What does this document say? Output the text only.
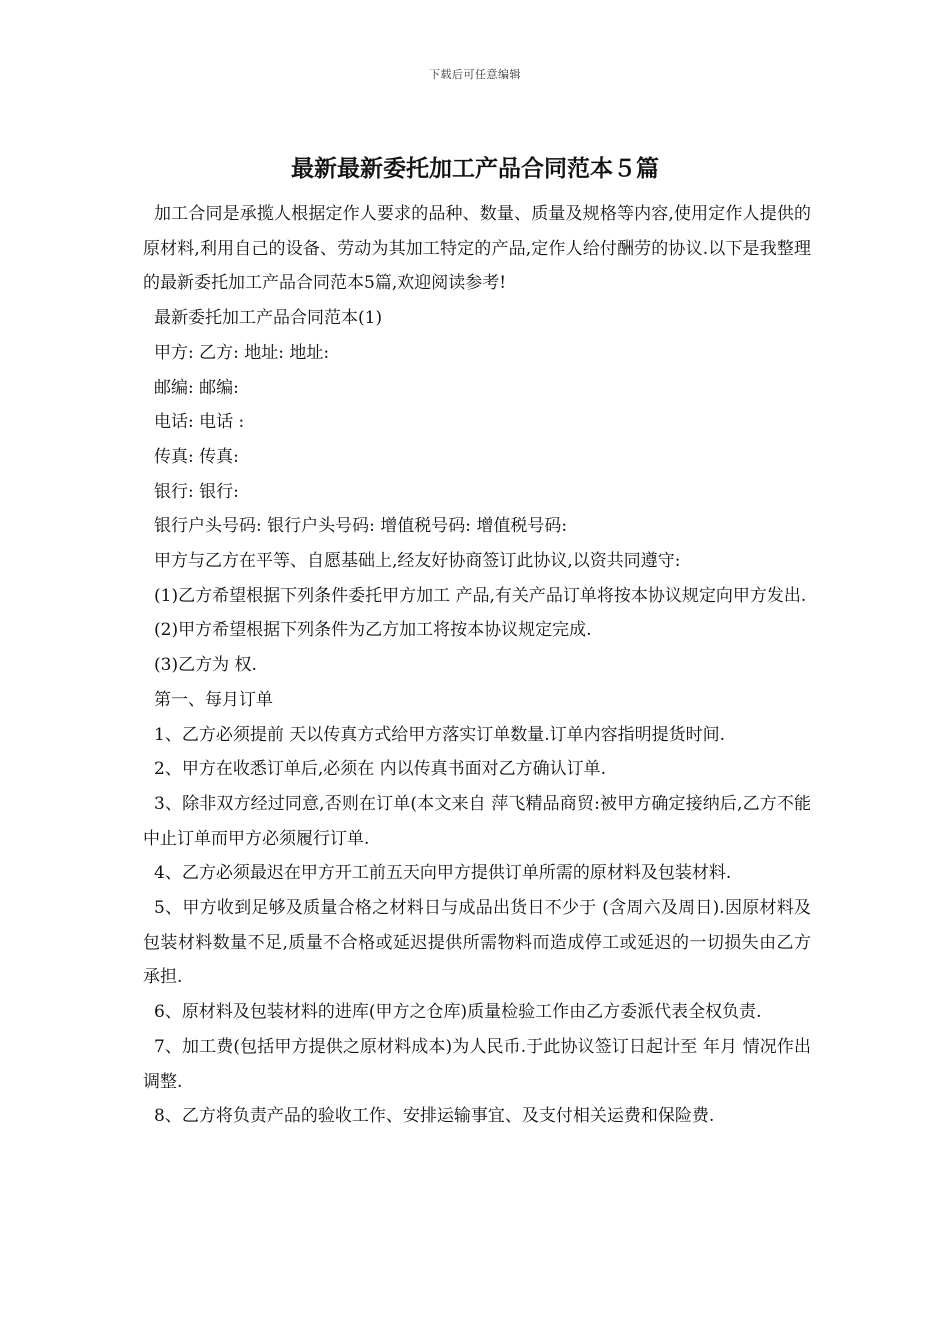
下载后可任意编辑
最新最新委托加工产品合同范本５篇

加工合同是承揽人根据定作人要求的品种、数量、质量及规格等内容,使用定作人提供的原材料,利用自己的设备、劳动为其加工特定的产品,定作人给付酬劳的协议.以下是我整理的最新委托加工产品合同范本5篇,欢迎阅读参考!

最新委托加工产品合同范本(1)

甲方: 乙方: 地址: 地址:

邮编: 邮编:

电话: 电话 :

传真: 传真:

银行: 银行:

银行户头号码: 银行户头号码: 增值税号码: 增值税号码:

甲方与乙方在平等、自愿基础上,经友好协商签订此协议,以资共同遵守:

(1)乙方希望根据下列条件委托甲方加工 产品,有关产品订单将按本协议规定向甲方发出.

(2)甲方希望根据下列条件为乙方加工将按本协议规定完成.

(3)乙方为 权.

第一、每月订单

1、乙方必须提前 天以传真方式给甲方落实订单数量.订单内容指明提货时间.

2、甲方在收悉订单后,必须在 内以传真书面对乙方确认订单.

3、除非双方经过同意,否则在订单(本文来自 萍飞精品商贸:被甲方确定接纳后,乙方不能中止订单而甲方必须履行订单.

4、乙方必须最迟在甲方开工前五天向甲方提供订单所需的原材料及包装材料.

5、甲方收到足够及质量合格之材料日与成品出货日不少于 (含周六及周日).因原材料及包装材料数量不足,质量不合格或延迟提供所需物料而造成停工或延迟的一切损失由乙方承担.

6、原材料及包装材料的进库(甲方之仓库)质量检验工作由乙方委派代表全权负责.

7、加工费(包括甲方提供之原材料成本)为人民币.于此协议签订日起计至 年月 情况作出调整.

8、乙方将负责产品的验收工作、安排运输事宜、及支付相关运费和保险费.
